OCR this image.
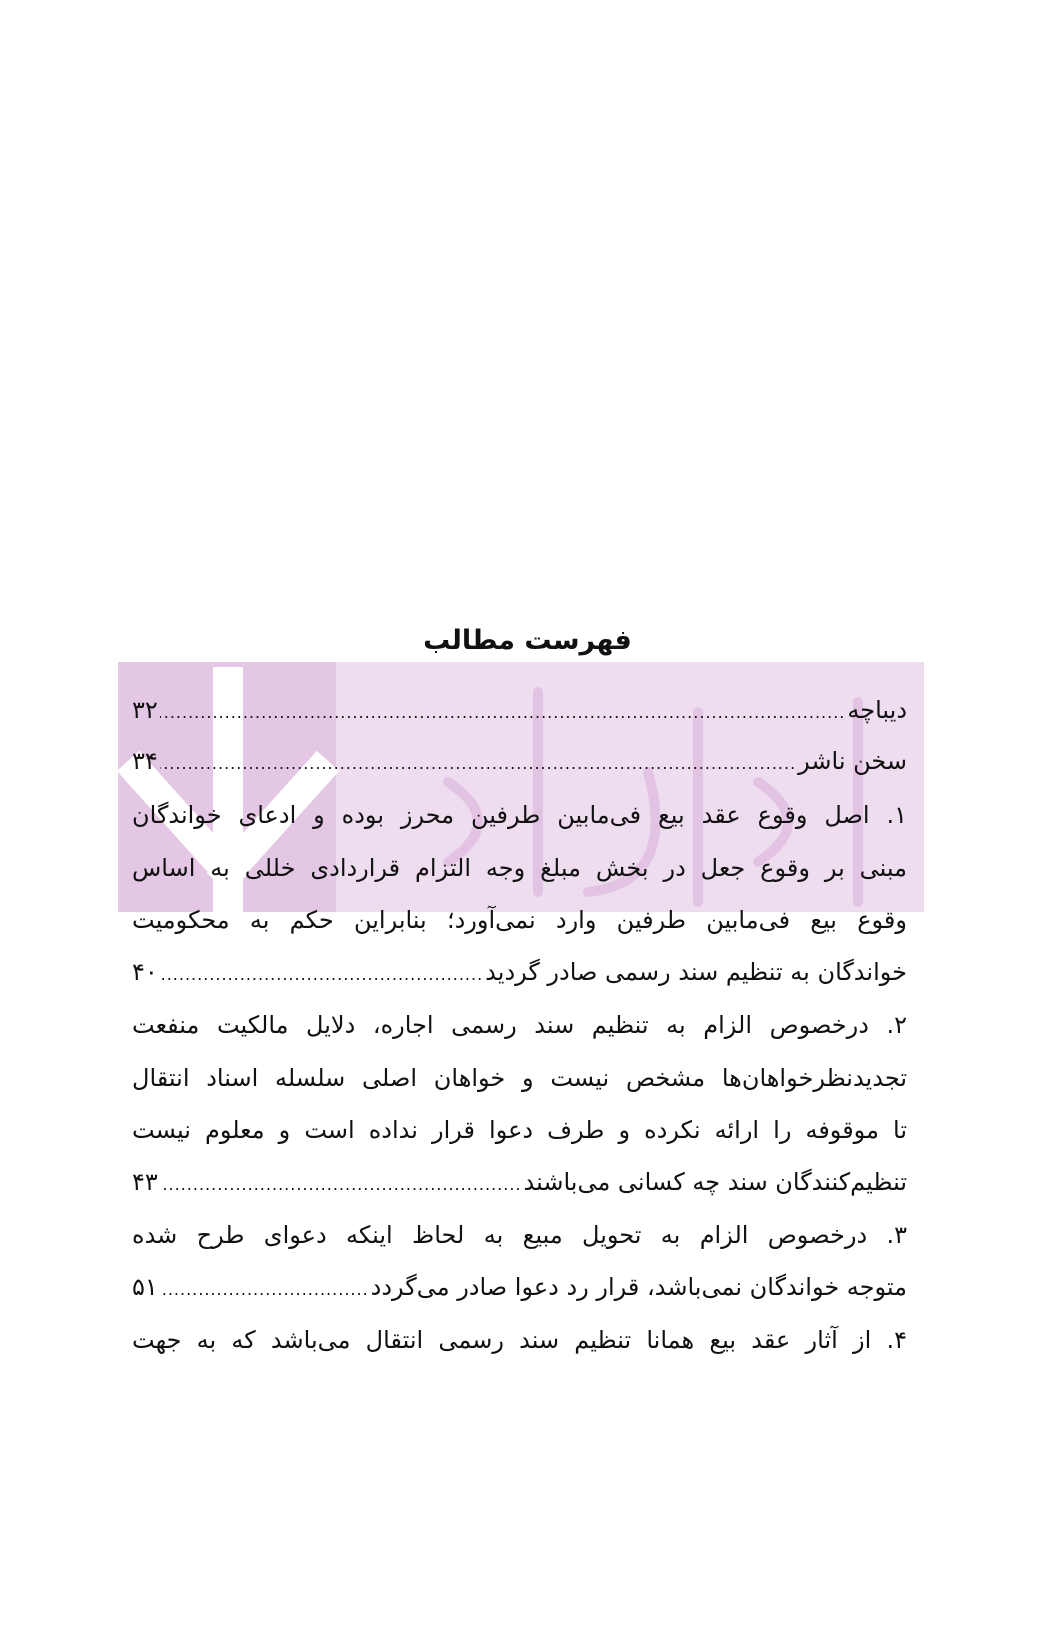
فهرست مطالب
دیباچه
.....
۳۲
سخن ناشر
.....
۳۴
۱. اصل وقوع عقد بیع فی‌مابین طرفین محرز بوده و ادعای خواندگان
مبنی بر وقوع جعل در بخش مبلغ وجه التزام قراردادی خللی به اساس
وقوع بیع فی‌مابین طرفین وارد نمی‌آورد؛ بنابراین حکم به محکومیت
خواندگان به تنظیم سند رسمی صادر گردید
.....
۴۰
۲. درخصوص الزام به تنظیم سند رسمی اجاره، دلایل مالکیت منفعت
تجدیدنظرخواهان‌ها مشخص نیست و خواهان اصلی سلسله اسناد انتقال
تا موقوفه را ارائه نکرده و طرف دعوا قرار نداده است و معلوم نیست
تنظیم‌کنندگان سند چه کسانی می‌باشند
.....
۴۳
۳. درخصوص الزام به تحویل مبیع به لحاظ اینکه دعوای طرح شده
متوجه خواندگان نمی‌باشد، قرار رد دعوا صادر می‌گردد
.....
۵۱
۴. از آثار عقد بیع همانا تنظیم سند رسمی انتقال می‌باشد که به جهت
